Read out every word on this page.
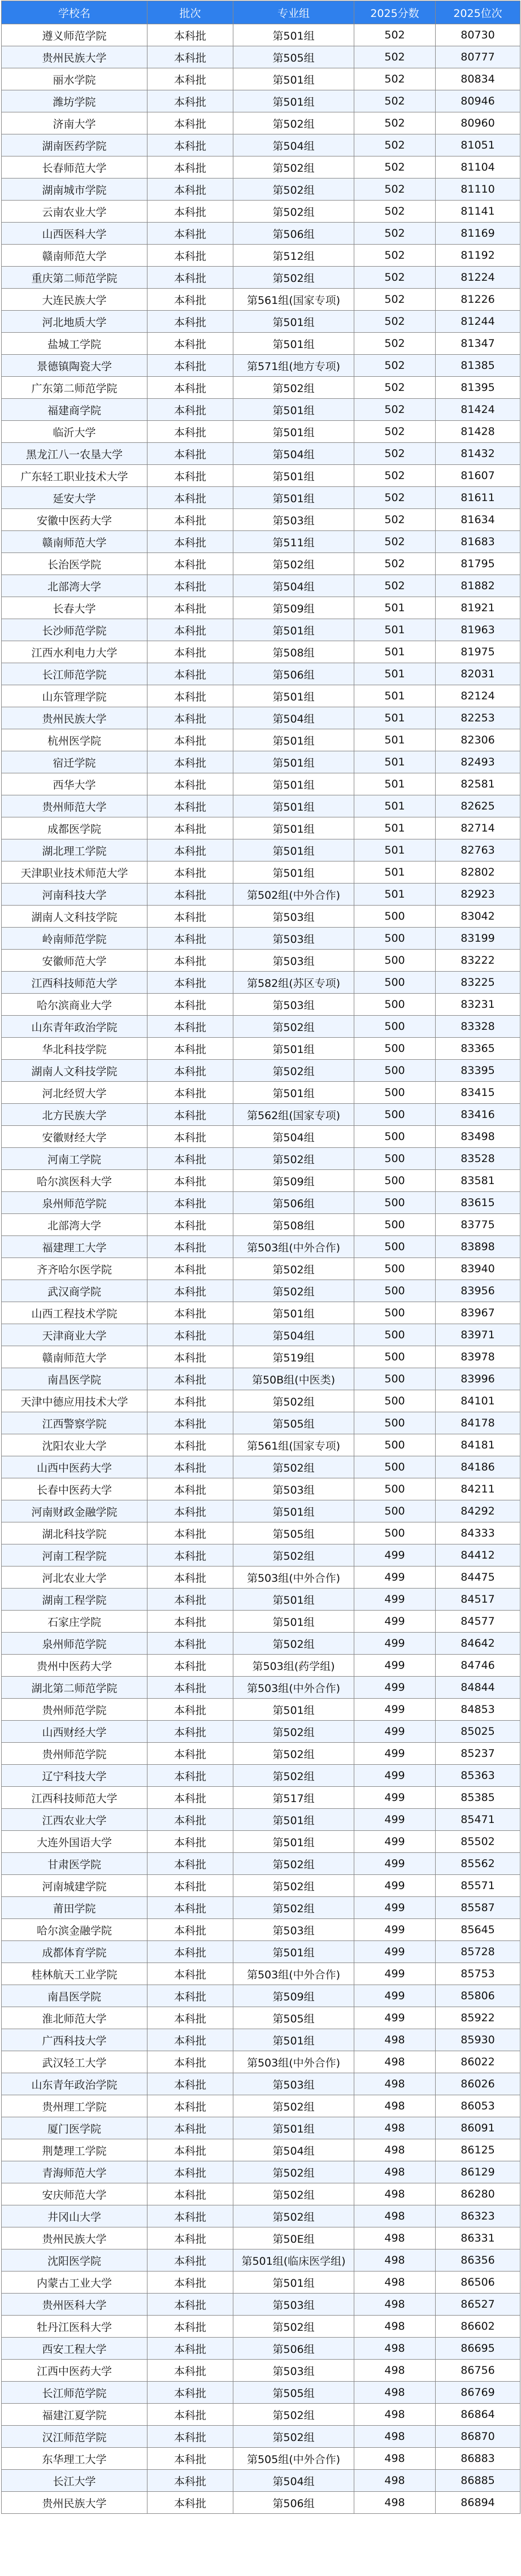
学校名	批次	专业组	2025分数	2025位次
遵义师范学院	本科批	第501组	502	80730
贵州民族大学	本科批	第505组	502	80777
丽水学院	本科批	第501组	502	80834
潍坊学院	本科批	第501组	502	80946
济南大学	本科批	第502组	502	80960
湖南医药学院	本科批	第504组	502	81051
长春师范大学	本科批	第502组	502	81104
湖南城市学院	本科批	第502组	502	81110
云南农业大学	本科批	第502组	502	81141
山西医科大学	本科批	第506组	502	81169
赣南师范大学	本科批	第512组	502	81192
重庆第二师范学院	本科批	第502组	502	81224
大连民族大学	本科批	第561组(国家专项)	502	81226
河北地质大学	本科批	第501组	502	81244
盐城工学院	本科批	第501组	502	81347
景德镇陶瓷大学	本科批	第571组(地方专项)	502	81385
广东第二师范学院	本科批	第502组	502	81395
福建商学院	本科批	第501组	502	81424
临沂大学	本科批	第501组	502	81428
黑龙江八一农垦大学	本科批	第504组	502	81432
广东轻工职业技术大学	本科批	第501组	502	81607
延安大学	本科批	第501组	502	81611
安徽中医药大学	本科批	第503组	502	81634
赣南师范大学	本科批	第511组	502	81683
长治医学院	本科批	第502组	502	81795
北部湾大学	本科批	第504组	502	81882
长春大学	本科批	第509组	501	81921
长沙师范学院	本科批	第501组	501	81963
江西水利电力大学	本科批	第508组	501	81975
长江师范学院	本科批	第506组	501	82031
山东管理学院	本科批	第501组	501	82124
贵州民族大学	本科批	第504组	501	82253
杭州医学院	本科批	第501组	501	82306
宿迁学院	本科批	第501组	501	82493
西华大学	本科批	第501组	501	82581
贵州师范大学	本科批	第501组	501	82625
成都医学院	本科批	第501组	501	82714
湖北理工学院	本科批	第501组	501	82763
天津职业技术师范大学	本科批	第501组	501	82802
河南科技大学	本科批	第502组(中外合作)	501	82923
湖南人文科技学院	本科批	第503组	500	83042
岭南师范学院	本科批	第503组	500	83199
安徽师范大学	本科批	第503组	500	83222
江西科技师范大学	本科批	第582组(苏区专项)	500	83225
哈尔滨商业大学	本科批	第503组	500	83231
山东青年政治学院	本科批	第502组	500	83328
华北科技学院	本科批	第501组	500	83365
湖南人文科技学院	本科批	第502组	500	83395
河北经贸大学	本科批	第501组	500	83415
北方民族大学	本科批	第562组(国家专项)	500	83416
安徽财经大学	本科批	第504组	500	83498
河南工学院	本科批	第502组	500	83528
哈尔滨医科大学	本科批	第509组	500	83581
泉州师范学院	本科批	第506组	500	83615
北部湾大学	本科批	第508组	500	83775
福建理工大学	本科批	第503组(中外合作)	500	83898
齐齐哈尔医学院	本科批	第502组	500	83940
武汉商学院	本科批	第502组	500	83956
山西工程技术学院	本科批	第501组	500	83967
天津商业大学	本科批	第504组	500	83971
赣南师范大学	本科批	第519组	500	83978
南昌医学院	本科批	第50B组(中医类)	500	83996
天津中德应用技术大学	本科批	第502组	500	84101
江西警察学院	本科批	第505组	500	84178
沈阳农业大学	本科批	第561组(国家专项)	500	84181
山西中医药大学	本科批	第502组	500	84186
长春中医药大学	本科批	第503组	500	84211
河南财政金融学院	本科批	第501组	500	84292
湖北科技学院	本科批	第505组	500	84333
河南工程学院	本科批	第502组	499	84412
河北农业大学	本科批	第503组(中外合作)	499	84475
湖南工程学院	本科批	第501组	499	84517
石家庄学院	本科批	第501组	499	84577
泉州师范学院	本科批	第502组	499	84642
贵州中医药大学	本科批	第503组(药学组)	499	84746
湖北第二师范学院	本科批	第503组(中外合作)	499	84844
贵州师范学院	本科批	第501组	499	84853
山西财经大学	本科批	第502组	499	85025
贵州师范学院	本科批	第502组	499	85237
辽宁科技大学	本科批	第502组	499	85363
江西科技师范大学	本科批	第517组	499	85385
江西农业大学	本科批	第501组	499	85471
大连外国语大学	本科批	第501组	499	85502
甘肃医学院	本科批	第502组	499	85562
河南城建学院	本科批	第502组	499	85571
莆田学院	本科批	第502组	499	85587
哈尔滨金融学院	本科批	第503组	499	85645
成都体育学院	本科批	第501组	499	85728
桂林航天工业学院	本科批	第503组(中外合作)	499	85753
南昌医学院	本科批	第509组	499	85806
淮北师范大学	本科批	第505组	499	85922
广西科技大学	本科批	第501组	498	85930
武汉轻工大学	本科批	第503组(中外合作)	498	86022
山东青年政治学院	本科批	第503组	498	86026
贵州理工学院	本科批	第502组	498	86053
厦门医学院	本科批	第501组	498	86091
荆楚理工学院	本科批	第504组	498	86125
青海师范大学	本科批	第502组	498	86129
安庆师范大学	本科批	第502组	498	86280
井冈山大学	本科批	第502组	498	86323
贵州民族大学	本科批	第50E组	498	86331
沈阳医学院	本科批	第501组(临床医学组)	498	86356
内蒙古工业大学	本科批	第501组	498	86506
贵州医科大学	本科批	第503组	498	86527
牡丹江医科大学	本科批	第502组	498	86602
西安工程大学	本科批	第506组	498	86695
江西中医药大学	本科批	第503组	498	86756
长江师范学院	本科批	第505组	498	86769
福建江夏学院	本科批	第502组	498	86864
汉江师范学院	本科批	第502组	498	86870
东华理工大学	本科批	第505组(中外合作)	498	86883
长江大学	本科批	第504组	498	86885
贵州民族大学	本科批	第506组	498	86894
